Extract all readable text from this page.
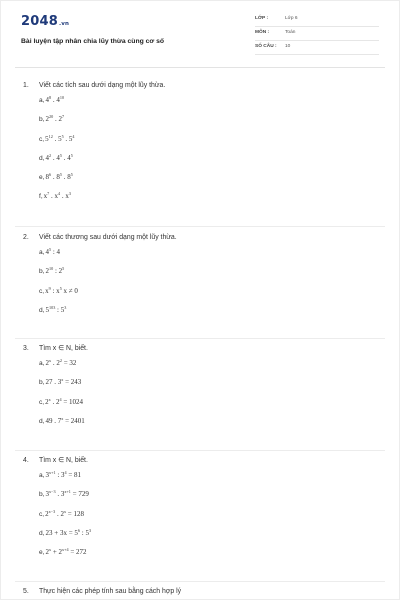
2048.vn
Bài luyện tập nhân chia lũy thừa cùng cơ số
LỚP :	Lớp 6
MÔN :	Toán
SỐ CÂU : 10
1. Viết các tích sau dưới dạng một lũy thừa.
$a,4^8$ . $4^{10}$
$b,2^{20}$ . $2^7$
$c,5^{12}$ . $5^5$ . $5^4$
$d,4^2$ . $4^5$ . $4^5$
$e,8^6$ . $8^5$ . $8^5$
$f,x^7$ . $x^4$ . $x^3$
2. Viết các thương sau dưới dạng một lũy thừa.
$a,4^5$ : 4
$b,2^{10}$ : $2^5$
$c,x^9$ : $x^5$ x ≠ 0
$d,5^{103}$ : $5^3$
3. Tìm x ∈ N, biết.
a,2$^x$ . $2^2 = 32$
b,27 . $3^x = 243$
c,2$^x$ . $2^4 = 1024$
d,49 . $7^x = 2401$
4. Tìm x ∈ N, biết.
$a,3^{x+1}$ : $3^4 = 81$
$b,3^{x-3}$ . $3^{x+1} = 729$
$c,2^{x-3}$ . $2^x = 128$
$d,23 + 3x = 5^6$ : $5^3$
$e,2^x + 2^{x+4} = 272$
5. Thực hiện các phép tính sau bằng cách hợp lý
